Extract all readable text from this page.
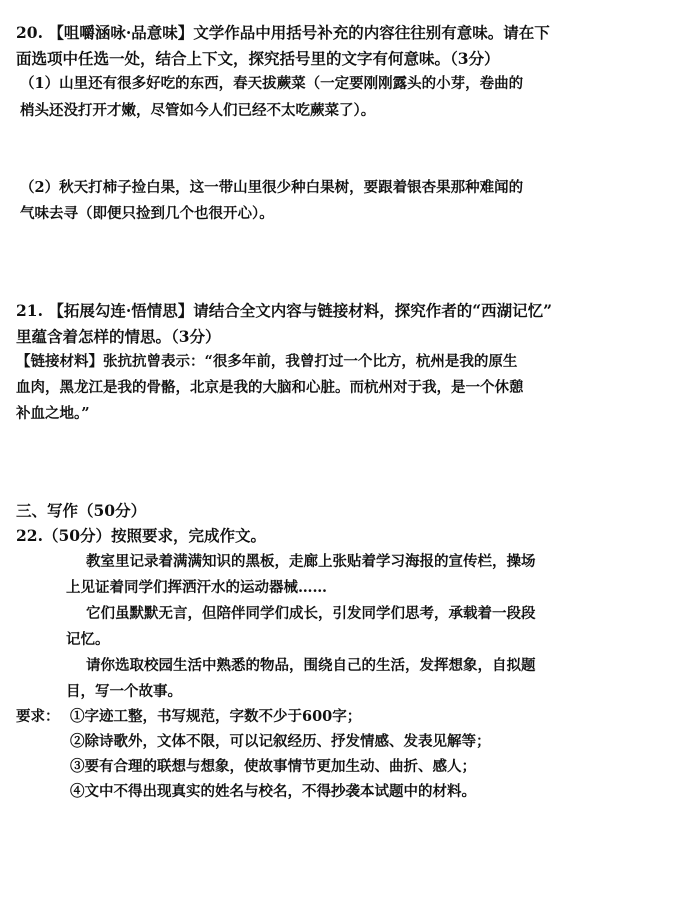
20. 【咀嚼涵咏·品意味】文学作品中用括号补充的内容往往别有意味。请在下
面选项中任选一处，结合上下文，探究括号里的文字有何意味。（3分）
（1）山里还有很多好吃的东西，春天拔蕨菜（一定要刚刚露头的小芽，卷曲的
梢头还没打开才嫩，尽管如今人们已经不太吃蕨菜了）。
（2）秋天打柿子捡白果，这一带山里很少种白果树，要跟着银杏果那种难闻的
气味去寻（即便只捡到几个也很开心）。
21. 【拓展勾连·悟情思】请结合全文内容与链接材料，探究作者的“西湖记忆”
里蕴含着怎样的情思。（3分）
【链接材料】张抗抗曾表示：“很多年前，我曾打过一个比方，杭州是我的原生
血肉，黑龙江是我的骨骼，北京是我的大脑和心脏。而杭州对于我，是一个休憩
补血之地。”
三、写作（50分）
22.（50分）按照要求，完成作文。
教室里记录着满满知识的黑板，走廊上张贴着学习海报的宣传栏，操场
上见证着同学们挥洒汗水的运动器械……
它们虽默默无言，但陪伴同学们成长，引发同学们思考，承载着一段段
记忆。
请你选取校园生活中熟悉的物品，围绕自己的生活，发挥想象，自拟题
目，写一个故事。
要求： ①字迹工整，书写规范，字数不少于600字；
②除诗歌外，文体不限，可以记叙经历、抒发情感、发表见解等；
③要有合理的联想与想象，使故事情节更加生动、曲折、感人；
④文中不得出现真实的姓名与校名，不得抄袭本试题中的材料。
